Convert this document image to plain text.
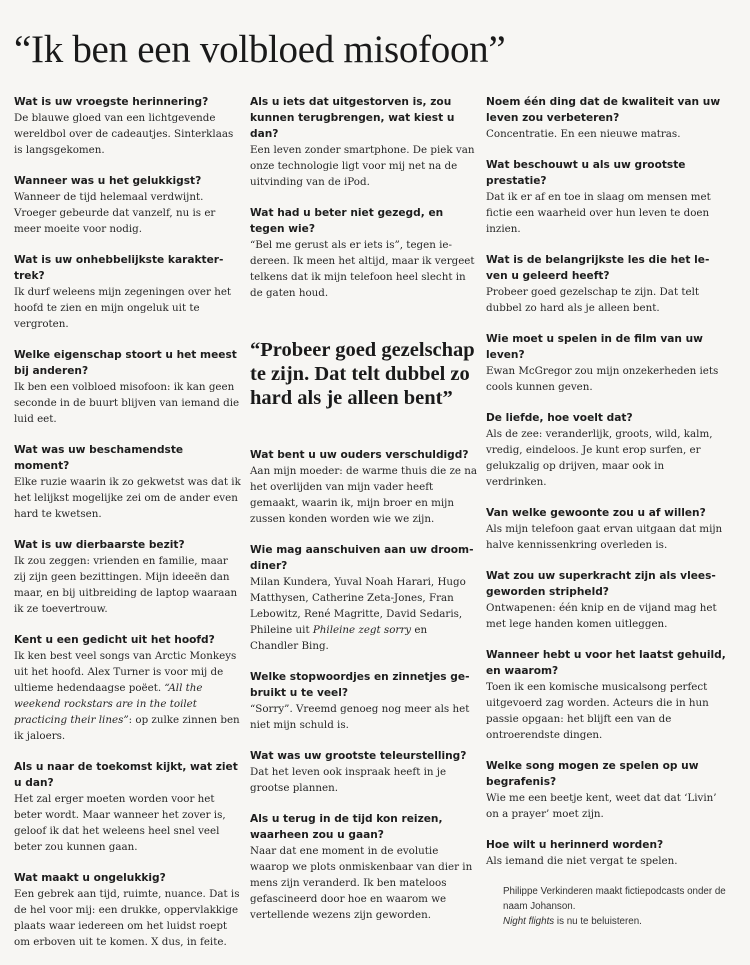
“Ik ben een volbloed misofoon”
Wat is uw vroegste herinnering?
De blauwe gloed van een lichtgevende wereldbol over de cadeautjes. Sinterklaas is langsgekomen.
Wanneer was u het gelukkigst?
Wanneer de tijd helemaal verdwijnt. Vroeger gebeurde dat vanzelf, nu is er meer moeite voor nodig.
Wat is uw onhebbelijkste karaktertrek?
Ik durf weleens mijn zegeningen over het hoofd te zien en mijn ongeluk uit te vergroten.
Welke eigenschap stoort u het meest bij anderen?
Ik ben een volbloed misofoon: ik kan geen seconde in de buurt blijven van iemand die luid eet.
Wat was uw beschamendste moment?
Elke ruzie waarin ik zo gekwetst was dat ik het lelijkst mogelijke zei om de ander even hard te kwetsen.
Wat is uw dierbaarste bezit?
Ik zou zeggen: vrienden en familie, maar zij zijn geen bezittingen. Mijn ideeën dan maar, en bij uitbreiding de laptop waaraan ik ze toevertrouw.
Kent u een gedicht uit het hoofd?
Ik ken best veel songs van Arctic Monkeys uit het hoofd. Alex Turner is voor mij de ultieme hedendaagse poëet. “All the weekend rockstars are in the toilet practicing their lines”: op zulke zinnen ben ik jaloers.
Als u naar de toekomst kijkt, wat ziet u dan?
Het zal erger moeten worden voor het beter wordt. Maar wanneer het zover is, geloof ik dat het weleens heel snel veel beter zou kunnen gaan.
Wat maakt u ongelukkig?
Een gebrek aan tijd, ruimte, nuance. Dat is de hel voor mij: een drukke, oppervlakkige plaats waar iedereen om het luidst roept om erboven uit te komen. X dus, in feite.
Als u iets dat uitgestorven is, zou kunnen terugbrengen, wat kiest u dan?
Een leven zonder smartphone. De piek van onze technologie ligt voor mij net na de uitvinding van de iPod.
Wat had u beter niet gezegd, en tegen wie?
“Bel me gerust als er iets is”, tegen iedereen. Ik meen het altijd, maar ik vergeet telkens dat ik mijn telefoon heel slecht in de gaten houd.
“Probeer goed gezelschap te zijn. Dat telt dubbel zo hard als je alleen bent”
Wat bent u uw ouders verschuldigd?
Aan mijn moeder: de warme thuis die ze na het overlijden van mijn vader heeft gemaakt, waarin ik, mijn broer en mijn zussen konden worden wie we zijn.
Wie mag aanschuiven aan uw droomdiner?
Milan Kundera, Yuval Noah Harari, Hugo Matthysen, Catherine Zeta-Jones, Fran Lebowitz, René Magritte, David Sedaris, Phileine uit Phileine zegt sorry en Chandler Bing.
Welke stopwoordjes en zinnetjes gebruikt u te veel?
“Sorry”. Vreemd genoeg nog meer als het niet mijn schuld is.
Wat was uw grootste teleurstelling?
Dat het leven ook inspraak heeft in je grootse plannen.
Als u terug in de tijd kon reizen, waarheen zou u gaan?
Naar dat ene moment in de evolutie waarop we plots onmiskenbaar van dier in mens zijn veranderd. Ik ben mateloos gefascineerd door hoe en waarom we vertellende wezens zijn geworden.
Noem één ding dat de kwaliteit van uw leven zou verbeteren?
Concentratie. En een nieuwe matras.
Wat beschouwt u als uw grootste prestatie?
Dat ik er af en toe in slaag om mensen met fictie een waarheid over hun leven te doen inzien.
Wat is de belangrijkste les die het leven u geleerd heeft?
Probeer goed gezelschap te zijn. Dat telt dubbel zo hard als je alleen bent.
Wie moet u spelen in de film van uw leven?
Ewan McGregor zou mijn onzekerheden iets cools kunnen geven.
De liefde, hoe voelt dat?
Als de zee: veranderlijk, groots, wild, kalm, vredig, eindeloos. Je kunt erop surfen, er gelukzalig op drijven, maar ook in verdrinken.
Van welke gewoonte zou u af willen?
Als mijn telefoon gaat ervan uitgaan dat mijn halve kennissenkring overleden is.
Wat zou uw superkracht zijn als vleesgeworden stripheld?
Ontwapenen: één knip en de vijand mag het met lege handen komen uitleggen.
Wanneer hebt u voor het laatst gehuild, en waarom?
Toen ik een komische musicalsong perfect uitgevoerd zag worden. Acteurs die in hun passie opgaan: het blijft een van de ontroerendste dingen.
Welke song mogen ze spelen op uw begrafenis?
Wie me een beetje kent, weet dat dat ‘Livin’ on a prayer’ moet zijn.
Hoe wilt u herinnerd worden?
Als iemand die niet vergat te spelen.
Philippe Verkinderen maakt fictiepodcasts onder de naam Johanson.
Night flights is nu te beluisteren.
